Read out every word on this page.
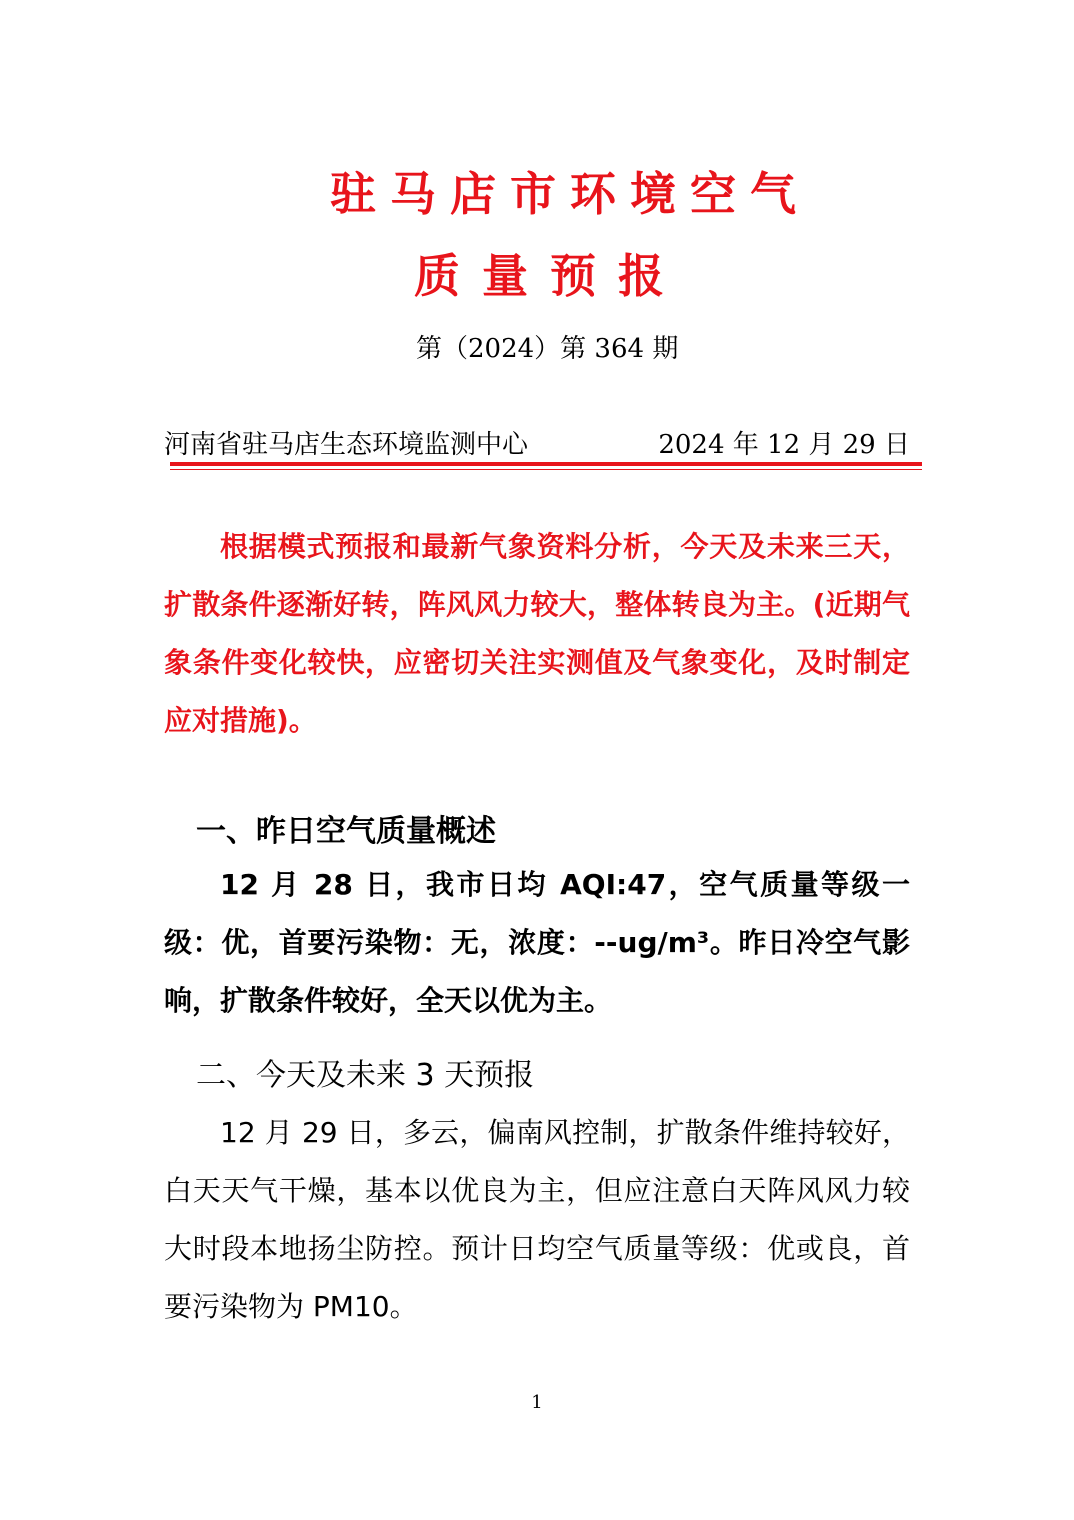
驻马店市环境空气
质量预报
第（2024）第 364 期
河南省驻马店生态环境监测中心	2024 年 12 月 29 日
根据模式预报和最新气象资料分析，今天及未来三天，扩散条件逐渐好转，阵风风力较大，整体转良为主。(近期气象条件变化较快，应密切关注实测值及气象变化，及时制定应对措施)。
一、昨日空气质量概述
12 月 28 日，我市日均 AQI:47，空气质量等级一级：优，首要污染物：无，浓度：--ug/m³。昨日冷空气影响，扩散条件较好，全天以优为主。
二、今天及未来 3 天预报
12 月 29 日，多云，偏南风控制，扩散条件维持较好，白天天气干燥，基本以优良为主，但应注意白天阵风风力较大时段本地扬尘防控。预计日均空气质量等级：优或良，首要污染物为 PM10。
1
